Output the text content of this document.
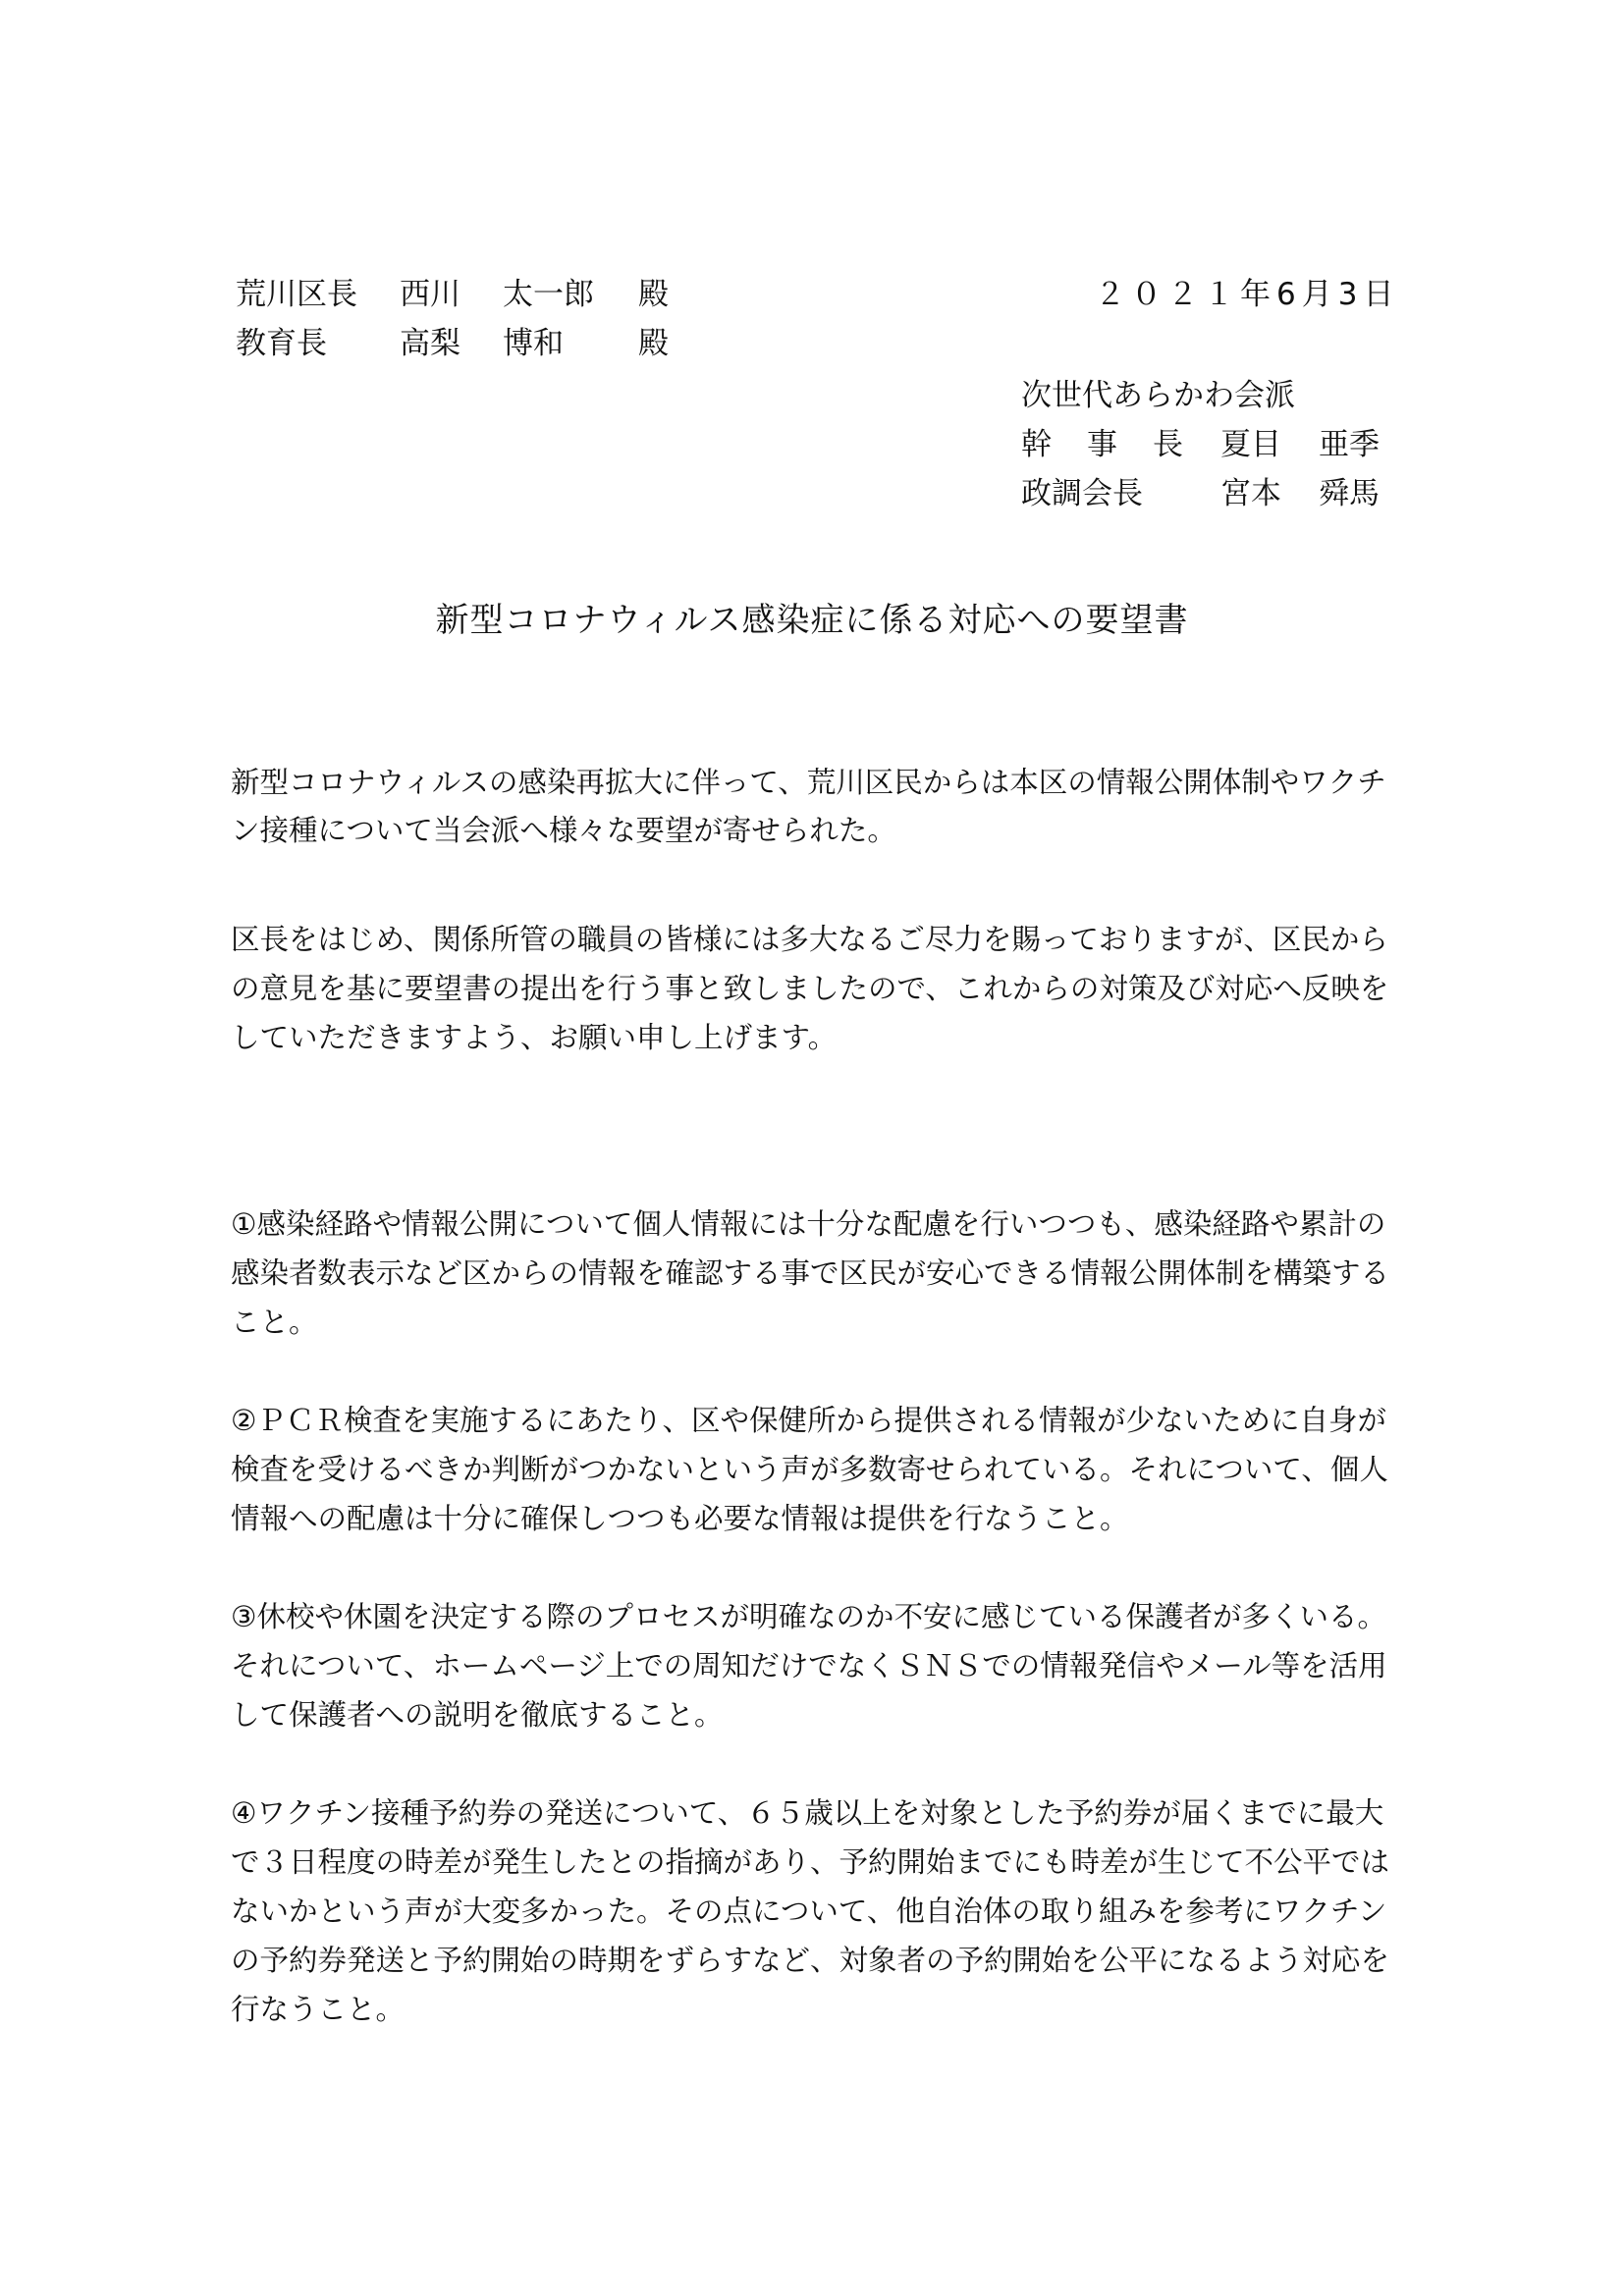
荒川区長 西川 太一郎 殿
教育長 高梨 博和 殿
２０２１年6月3日
次世代あらかわ会派
幹 事 長 夏目 亜季
政調会長	宮本 舜馬
新型コロナウィルス感染症に係る対応への要望書
新型コロナウィルスの感染再拡大に伴って、荒川区民からは本区の情報公開体制やワクチ
ン接種について当会派へ様々な要望が寄せられた。
区長をはじめ、関係所管の職員の皆様には多大なるご尽力を賜っておりますが、区民から
の意見を基に要望書の提出を行う事と致しましたので、これからの対策及び対応へ反映を
していただきますよう、お願い申し上げます。
①感染経路や情報公開について個人情報には十分な配慮を行いつつも、感染経路や累計の
感染者数表示など区からの情報を確認する事で区民が安心できる情報公開体制を構築する
こと。
②ＰＣＲ検査を実施するにあたり、区や保健所から提供される情報が少ないために自身が
検査を受けるべきか判断がつかないという声が多数寄せられている。それについて、個人
情報への配慮は十分に確保しつつも必要な情報は提供を行なうこと。
③休校や休園を決定する際のプロセスが明確なのか不安に感じている保護者が多くいる。
それについて、ホームページ上での周知だけでなくＳＮＳでの情報発信やメール等を活用
して保護者への説明を徹底すること。
④ワクチン接種予約券の発送について、６５歳以上を対象とした予約券が届くまでに最大
で３日程度の時差が発生したとの指摘があり、予約開始までにも時差が生じて不公平では
ないかという声が大変多かった。その点について、他自治体の取り組みを参考にワクチン
の予約券発送と予約開始の時期をずらすなど、対象者の予約開始を公平になるよう対応を
行なうこと。
